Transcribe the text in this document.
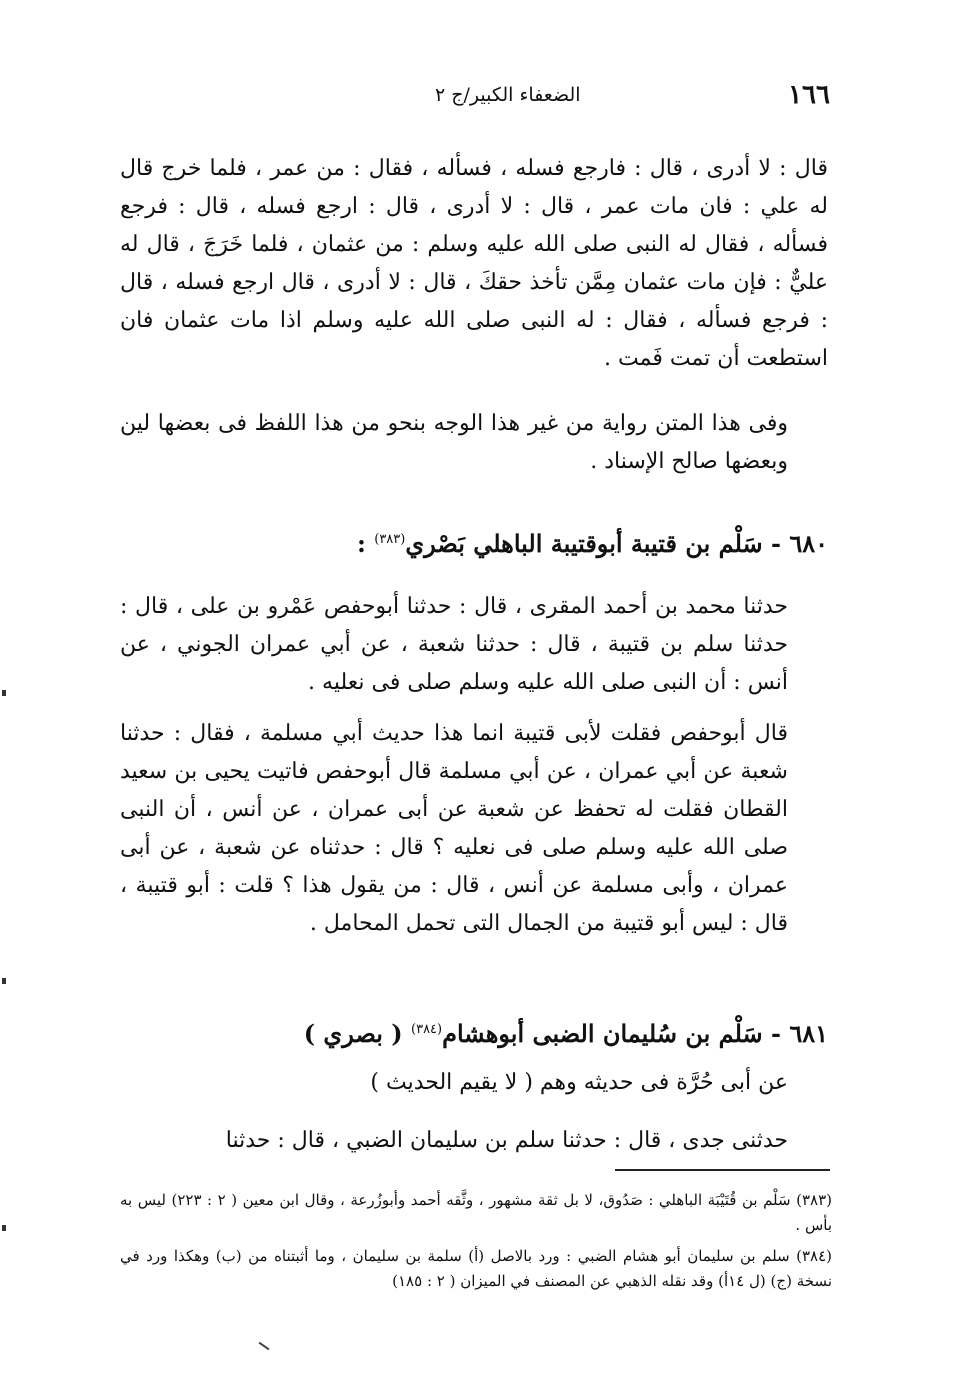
١٦٦
الضعفاء الكبير/ج ٢

قال : لا أدرى ، قال : فارجع فسله ، فسأله ، فقال : من عمر ، فلما خرج قال له علي : فان مات عمر ، قال : لا أدرى ، قال : ارجع فسله ، قال : فرجع فسأله ، فقال له النبى صلى الله عليه وسلم : من عثمان ، فلما خَرَجَ ، قال له عليٌّ : فإن مات عثمان مِمَّن تأخذ حقكَ ، قال : لا أدرى ، قال ارجع فسله ، قال : فرجع فسأله ، فقال : له النبى صلى الله عليه وسلم اذا مات عثمان فان استطعت أن تمت فَمت .

وفى هذا المتن رواية من غير هذا الوجه بنحو من هذا اللفظ فى بعضها لين وبعضها صالح الإسناد .

٦٨٠ - سَلْم بن قتيبة أبوقتيبة الباهلي بَصْري$^{(٣٨٣)}$ :

حدثنا محمد بن أحمد المقرى ، قال : حدثنا أبوحفص عَمْرو بن على ، قال : حدثنا سلم بن قتيبة ، قال : حدثنا شعبة ، عن أبي عمران الجوني ، عن أنس : أن النبى صلى الله عليه وسلم صلى فى نعليه .

قال أبوحفص فقلت لأبى قتيبة انما هذا حديث أبي مسلمة ، فقال : حدثنا شعبة عن أبي عمران ، عن أبي مسلمة قال أبوحفص فاتيت يحيى بن سعيد القطان فقلت له تحفظ عن شعبة عن أبى عمران ، عن أنس ، أن النبى صلى الله عليه وسلم صلى فى نعليه ؟ قال : حدثناه عن شعبة ، عن أبى عمران ، وأبى مسلمة عن أنس ، قال : من يقول هذا ؟ قلت : أبو قتيبة ، قال : ليس أبو قتيبة من الجمال التى تحمل المحامل .

٦٨١ - سَلْم بن سُليمان الضبى أبوهشام$^{(٣٨٤)}$ ( بصري )

عن أبى حُرَّة فى حديثه وهم ( لا يقيم الحديث )

حدثنى جدى ، قال : حدثنا سلم بن سليمان الضبي ، قال : حدثنا

(٣٨٣) سَلْم بن قُتَيْبَة الباهلي : صَدُوق، لا بل ثقة مشهور ، وثَّقه أحمد وأبوزُرعة ، وقال ابن معين ( ٢ : ٢٢٣) ليس به بأس .

(٣٨٤) سلم بن سليمان أبو هشام الضبي : ورد بالاصل (أ) سلمة بن سليمان ، وما أثبتناه من (ب) وهكذا ورد في نسخة (ج) (ل ١٤أ) وقد نقله الذهبي عن المصنف في الميزان ( ٢ : ١٨٥)
